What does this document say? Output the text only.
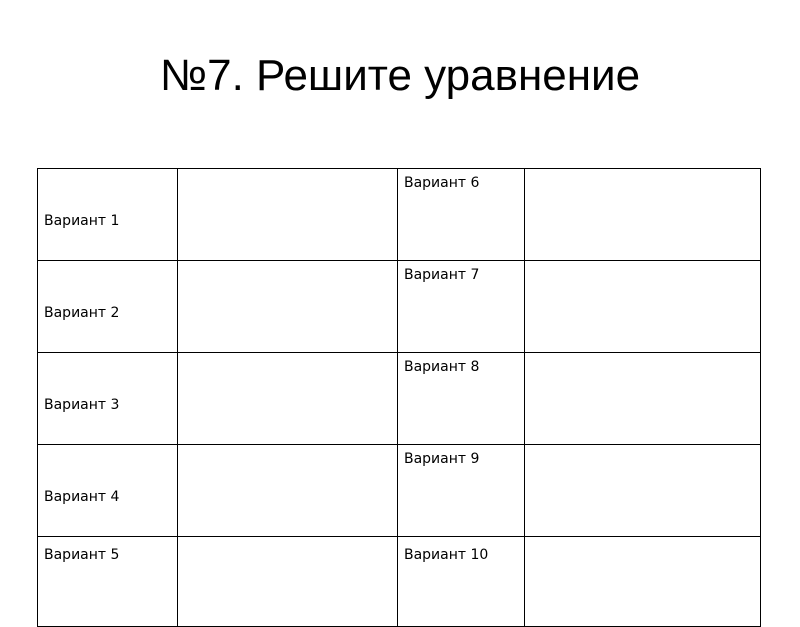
№7. Решите уравнение
Вариант 1		Вариант 6	
Вариант 2		Вариант 7	
Вариант 3		Вариант 8	
Вариант 4		Вариант 9	
Вариант 5		Вариант 10	
